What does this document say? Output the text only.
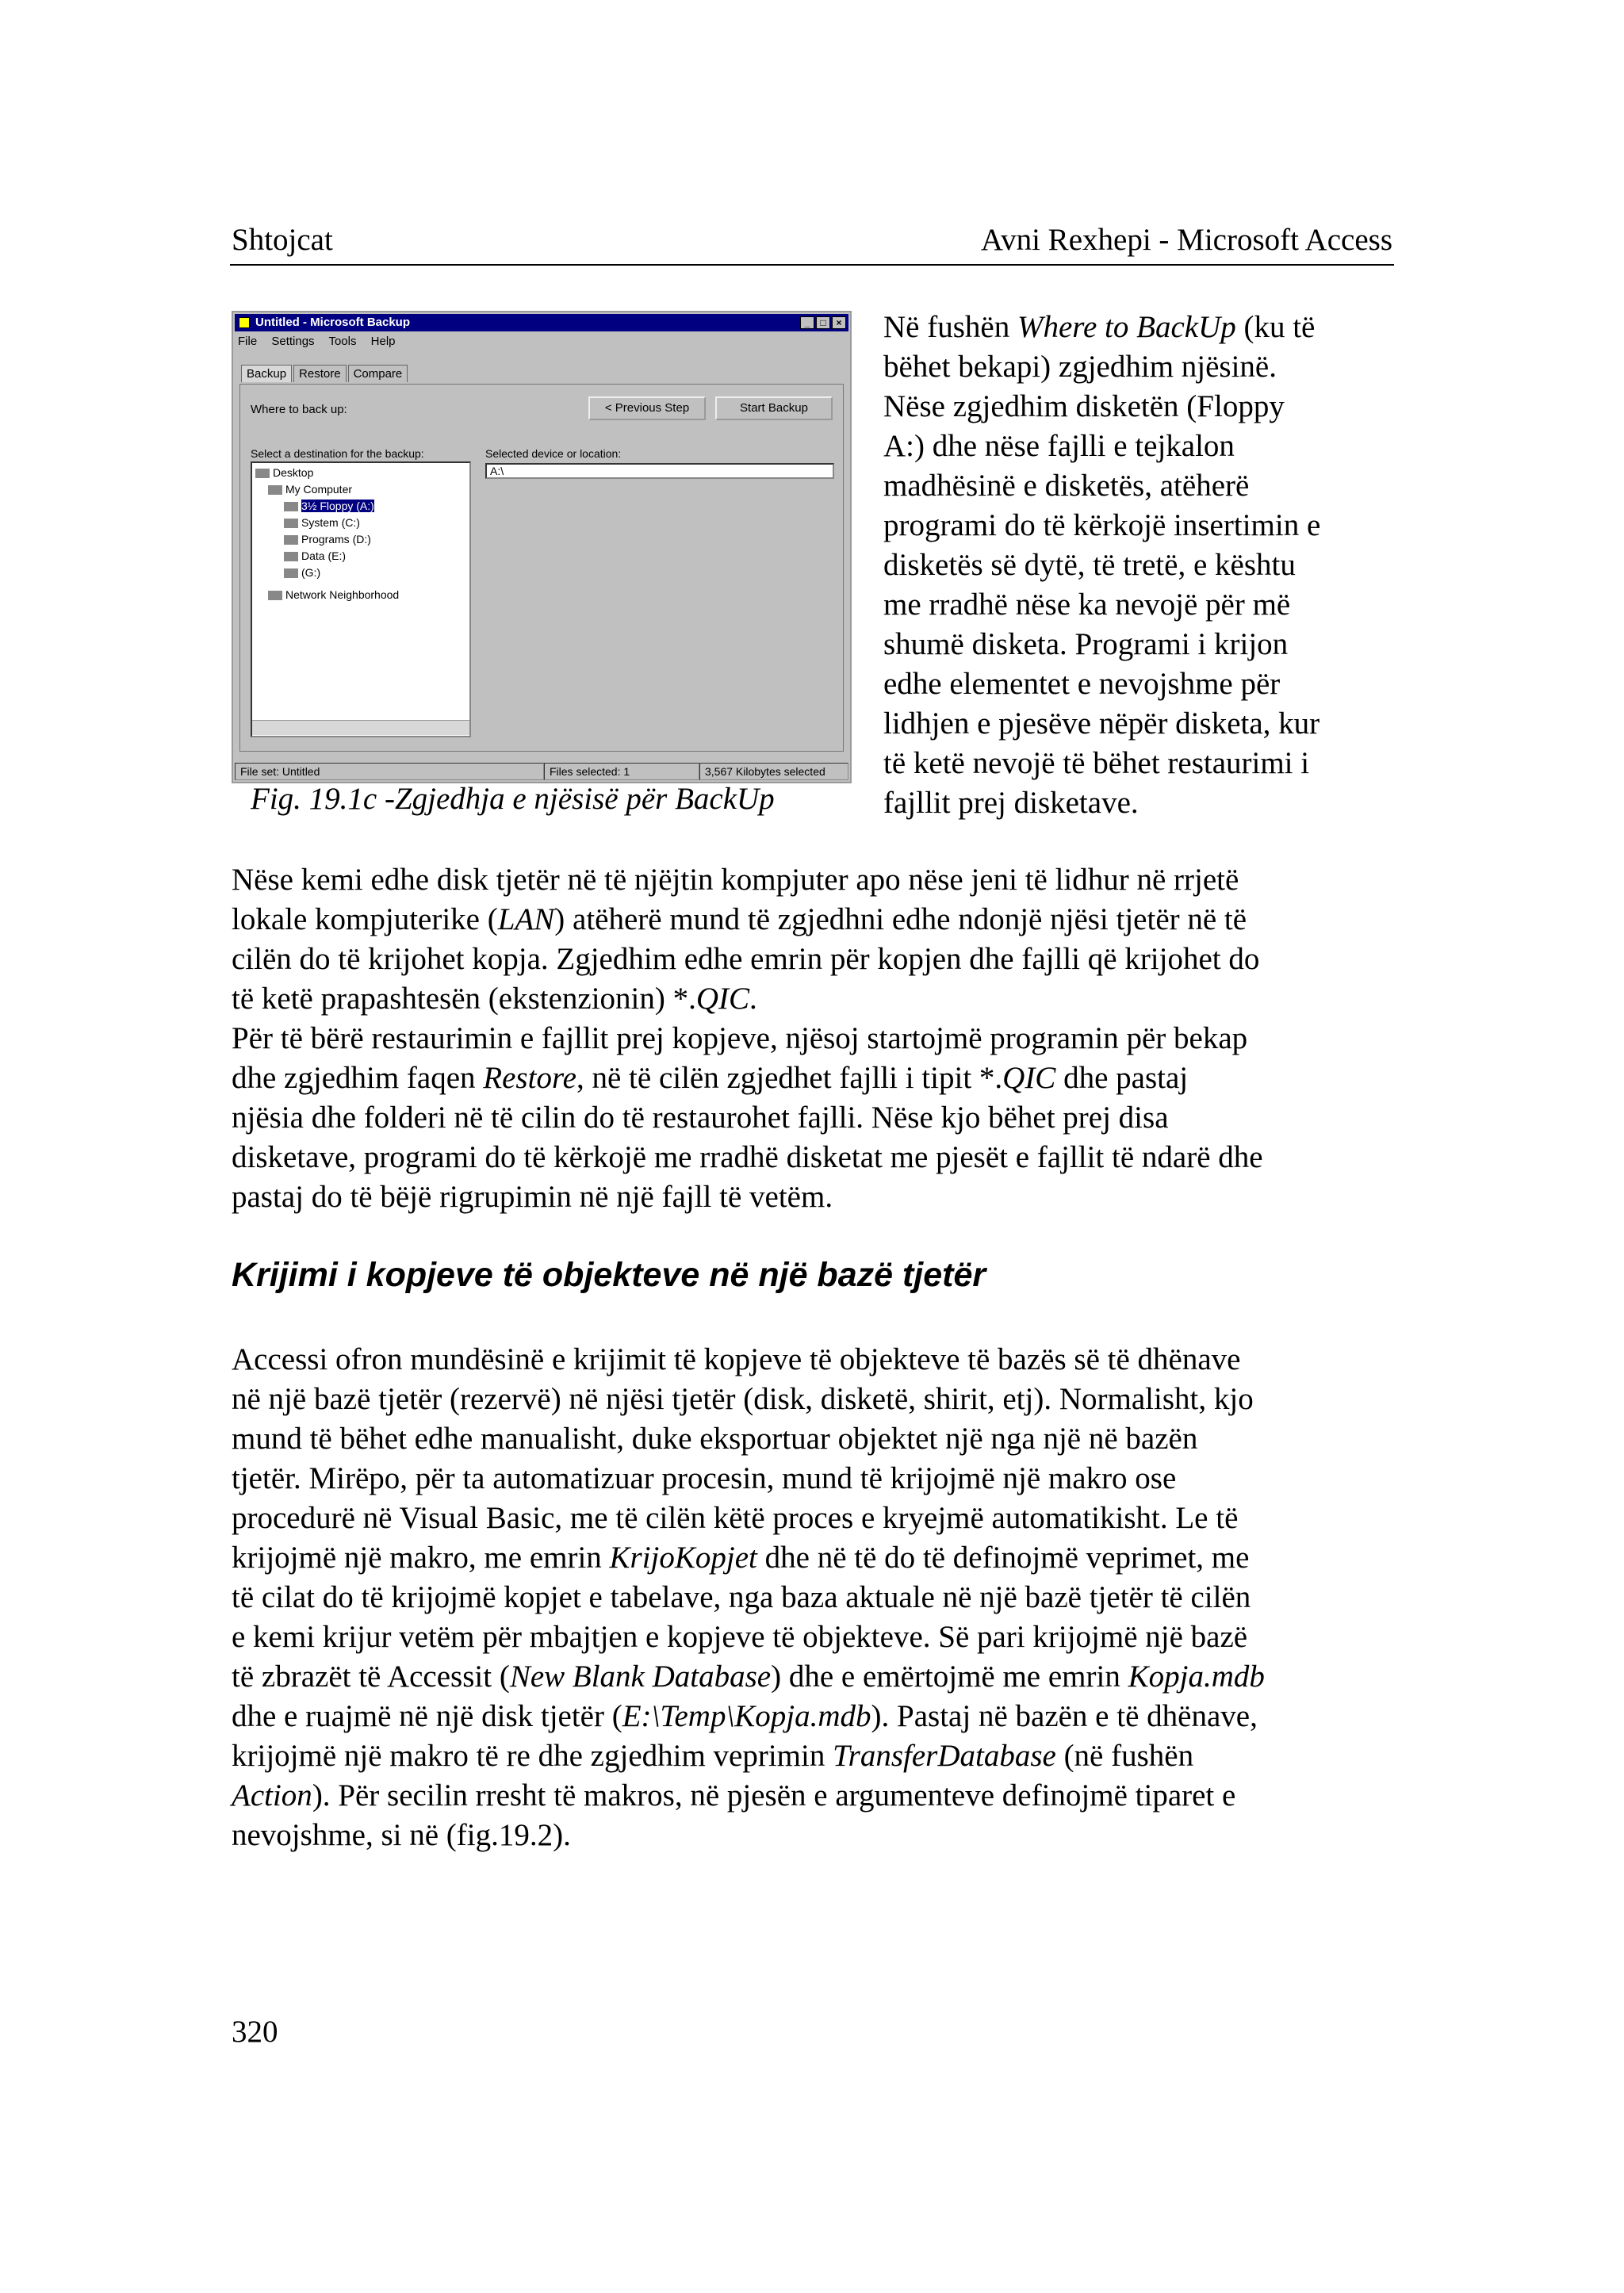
Shtojcat	Avni Rexhepi - Microsoft Access
Untitled - Microsoft Backup	_	□	×
File Settings Tools Help
Backup	Restore	Compare
Where to back up:	< Previous Step	Start Backup
Select a destination for the backup:	Selected device or location:
A:\
Desktop
My Computer
3½ Floppy (A:)
System (C:)
Programs (D:)
Data (E:)
(G:)
Network Neighborhood
File set: Untitled	Files selected: 1	3,567 Kilobytes selected
Fig. 19.1c -Zgjedhja e njësisë për BackUp
Në fushën Where to BackUp (ku të
bëhet bekapi) zgjedhim njësinë.
Nëse zgjedhim disketën (Floppy
A:) dhe nëse fajlli e tejkalon
madhësinë e disketës, atëherë
programi do të kërkojë insertimin e
disketës së dytë, të tretë, e kështu
me rradhë nëse ka nevojë për më
shumë disketa. Programi i krijon
edhe elementet e nevojshme për
lidhjen e pjesëve nëpër disketa, kur
të ketë nevojë të bëhet restaurimi i
fajllit prej disketave.
Nëse kemi edhe disk tjetër në të njëjtin kompjuter apo nëse jeni të lidhur në rrjetë
lokale kompjuterike (LAN) atëherë mund të zgjedhni edhe ndonjë njësi tjetër në të
cilën do të krijohet kopja. Zgjedhim edhe emrin për kopjen dhe fajlli që krijohet do
të ketë prapashtesën (ekstenzionin) *.QIC.
Për të bërë restaurimin e fajllit prej kopjeve, njësoj startojmë programin për bekap
dhe zgjedhim faqen Restore, në të cilën zgjedhet fajlli i tipit *.QIC dhe pastaj
njësia dhe folderi në të cilin do të restaurohet fajlli. Nëse kjo bëhet prej disa
disketave, programi do të kërkojë me rradhë disketat me pjesët e fajllit të ndarë dhe
pastaj do të bëjë rigrupimin në një fajll të vetëm.
Krijimi i kopjeve të objekteve në një bazë tjetër
Accessi ofron mundësinë e krijimit të kopjeve të objekteve të bazës së të dhënave
në një bazë tjetër (rezervë) në njësi tjetër (disk, disketë, shirit, etj). Normalisht, kjo
mund të bëhet edhe manualisht, duke eksportuar objektet një nga një në bazën
tjetër. Mirëpo, për ta automatizuar procesin, mund të krijojmë një makro ose
procedurë në Visual Basic, me të cilën këtë proces e kryejmë automatikisht. Le të
krijojmë një makro, me emrin KrijoKopjet dhe në të do të definojmë veprimet, me
të cilat do të krijojmë kopjet e tabelave, nga baza aktuale në një bazë tjetër të cilën
e kemi krijur vetëm për mbajtjen e kopjeve të objekteve. Së pari krijojmë një bazë
të zbrazët të Accessit (New Blank Database) dhe e emërtojmë me emrin Kopja.mdb
dhe e ruajmë në një disk tjetër (E:\Temp\Kopja.mdb). Pastaj në bazën e të dhënave,
krijojmë një makro të re dhe zgjedhim veprimin TransferDatabase (në fushën
Action). Për secilin rresht të makros, në pjesën e argumenteve definojmë tiparet e
nevojshme, si në (fig.19.2).
320
